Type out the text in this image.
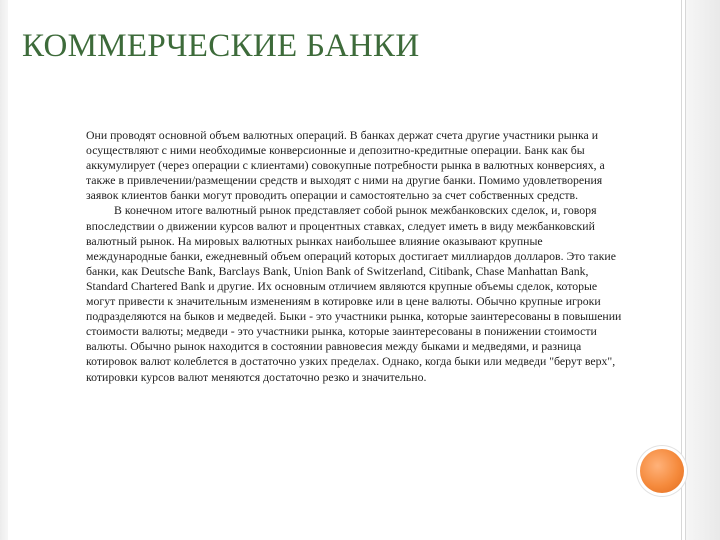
КОММЕРЧЕСКИЕ БАНКИ

Они проводят основной объем валютных операций. В банках держат счета другие участники рынка и осуществляют с ними необходимые конверсионные и депозитно-кредитные операции. Банк как бы аккумулирует (через операции с клиентами) совокупные потребности рынка в валютных конверсиях, а также в привлечении/размещении средств и выходят с ними на другие банки. Помимо удовлетворения заявок клиентов банки могут проводить операции и самостоятельно за счет собственных средств.

В конечном итоге валютный рынок представляет собой рынок межбанковских сделок, и, говоря впоследствии о движении курсов валют и процентных ставках, следует иметь в виду межбанковский валютный рынок. На мировых валютных рынках наибольшее влияние оказывают крупные международные банки, ежедневный объем операций которых достигает миллиардов долларов. Это такие банки, как Deutsche Bank, Barclays Bank, Union Bank of Switzerland, Citibank, Chase Manhattan Bank, Standard Chartered Bank и другие. Их основным отличием являются крупные объемы сделок, которые могут привести к значительным изменениям в котировке или в цене валюты. Обычно крупные игроки подразделяются на быков и медведей. Быки - это участники рынка, которые заинтересованы в повышении стоимости валюты; медведи - это участники рынка, которые заинтересованы в понижении стоимости валюты. Обычно рынок находится в состоянии равновесия между быками и медведями, и разница котировок валют колеблется в достаточно узких пределах. Однако, когда быки или медведи "берут верх", котировки курсов валют меняются достаточно резко и значительно.
